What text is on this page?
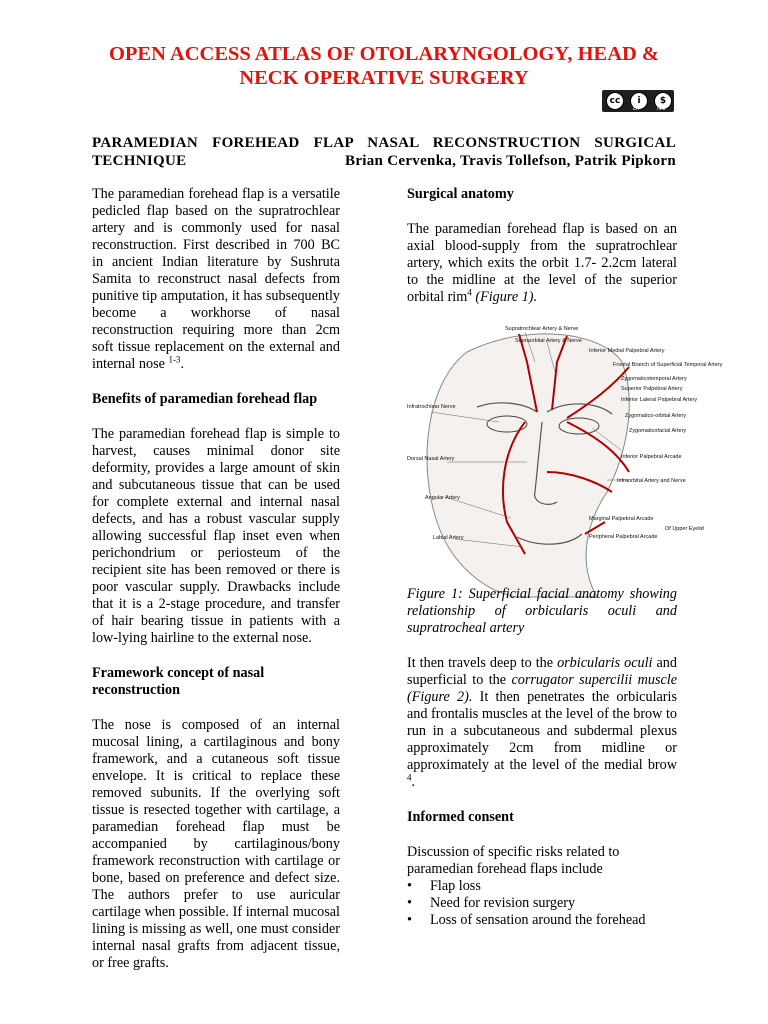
OPEN ACCESS ATLAS OF OTOLARYNGOLOGY, HEAD &
NECK OPERATIVE SURGERY
cc	i	$
BY	NC
PARAMEDIAN FOREHEAD FLAP NASAL RECONSTRUCTION SURGICAL
TECHNIQUE	Brian Cervenka, Travis Tollefson, Patrik Pipkorn

The paramedian forehead flap is a versatile pedicled flap based on the supratrochlear artery and is commonly used for nasal reconstruction. First described in 700 BC in ancient Indian literature by Sushruta Samita to reconstruct nasal defects from punitive tip amputation, it has subsequently become a workhorse of nasal reconstruction requiring more than 2cm soft tissue replacement on the external and internal nose $^{1-3}$.

Benefits of paramedian forehead flap

The paramedian forehead flap is simple to harvest, causes minimal donor site deformity, provides a large amount of skin and subcutaneous tissue that can be used for complete external and internal nasal defects, and has a robust vascular supply allowing successful flap inset even when perichondrium or periosteum of the recipient site has been removed or there is poor vascular supply. Drawbacks include that it is a 2-stage procedure, and transfer of hair bearing tissue in patients with a low-lying hairline to the external nose.

Framework concept of nasal reconstruction

The nose is composed of an internal mucosal lining, a cartilaginous and bony framework, and a cutaneous soft tissue envelope. It is critical to replace these removed subunits. If the overlying soft tissue is resected together with cartilage, a paramedian forehead flap must be accompanied by cartilaginous/bony framework reconstruction with cartilage or bone, based on preference and defect size. The authors prefer to use auricular cartilage when possible. If internal mucosal lining is missing as well, one must consider internal nasal grafts from adjacent tissue, or free grafts.

Surgical anatomy

The paramedian forehead flap is based on an axial blood-supply from the supratrochlear artery, which exits the orbit 1.7- 2.2cm lateral to the midline at the level of the superior orbital rim$^4$ (Figure 1).

Supratrochlear Artery & Nerve
Supraorbital Artery & Nerve
Inferior Medial Palpebral Artery
Frontal Branch of Superficial Temporal Artery
Zygomaticotemporal Artery
Superior Palpebral Artery
Inferior Lateral Palpebral Artery
Zygomatico-orbital Artery
Zygomaticofacial Artery
Infratrochlear Nerve
Dorsal Nasal Artery	Inferior Palpebral Arcade
Infraorbital Artery and Nerve
Angular Artery
Marginal Palpebral Arcade
Peripheral Palpebral Arcade
Of Upper Eyelid
Labial Artery

Figure 1: Superficial facial anatomy showing relationship of orbicularis oculi and supratrocheal artery

It then travels deep to the orbicularis oculi and superficial to the corrugator supercilii muscle (Figure 2). It then penetrates the orbicularis and frontalis muscles at the level of the brow to run in a subcutaneous and subdermal plexus approximately 2cm from midline or approximately at the level of the medial brow $^4$.

Informed consent

Discussion of specific risks related to paramedian forehead flaps include

• Flap loss
• Need for revision surgery
• Loss of sensation around the forehead
